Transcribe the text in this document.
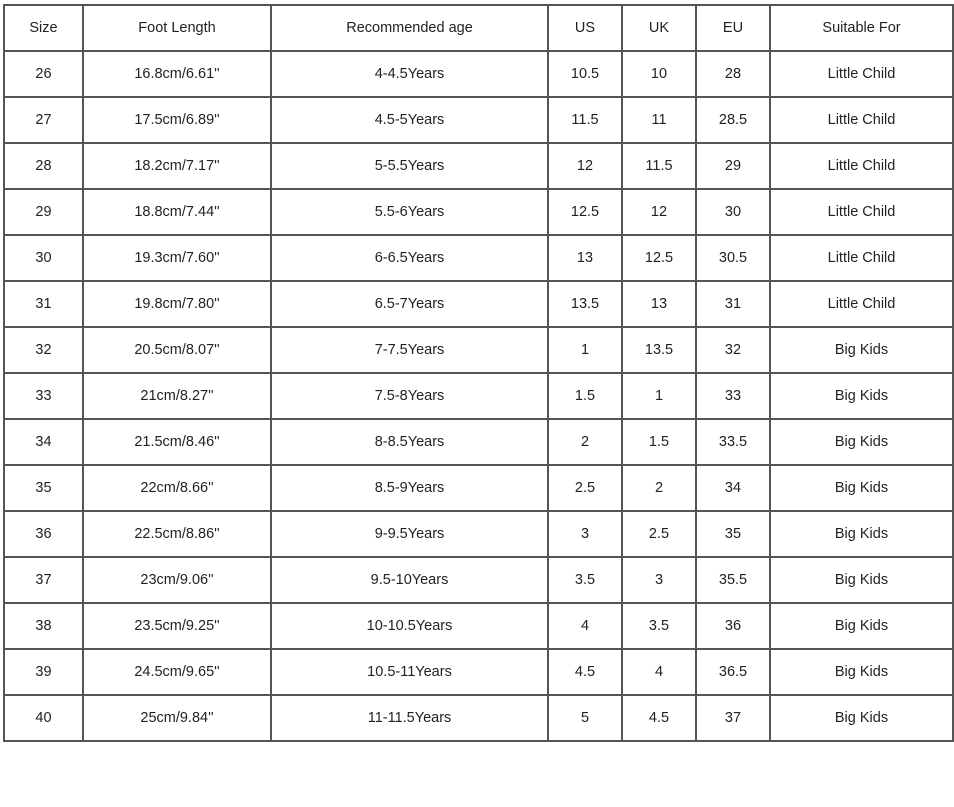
Size	Foot Length	Recommended age	US	UK	EU	Suitable For
26	16.8cm/6.61''	4-4.5Years	10.5	10	28	Little Child
27	17.5cm/6.89''	4.5-5Years	11.5	11	28.5	Little Child
28	18.2cm/7.17''	5-5.5Years	12	11.5	29	Little Child
29	18.8cm/7.44''	5.5-6Years	12.5	12	30	Little Child
30	19.3cm/7.60''	6-6.5Years	13	12.5	30.5	Little Child
31	19.8cm/7.80''	6.5-7Years	13.5	13	31	Little Child
32	20.5cm/8.07''	7-7.5Years	1	13.5	32	Big Kids
33	21cm/8.27''	7.5-8Years	1.5	1	33	Big Kids
34	21.5cm/8.46''	8-8.5Years	2	1.5	33.5	Big Kids
35	22cm/8.66''	8.5-9Years	2.5	2	34	Big Kids
36	22.5cm/8.86''	9-9.5Years	3	2.5	35	Big Kids
37	23cm/9.06''	9.5-10Years	3.5	3	35.5	Big Kids
38	23.5cm/9.25''	10-10.5Years	4	3.5	36	Big Kids
39	24.5cm/9.65''	10.5-11Years	4.5	4	36.5	Big Kids
40	25cm/9.84''	11-11.5Years	5	4.5	37	Big Kids
